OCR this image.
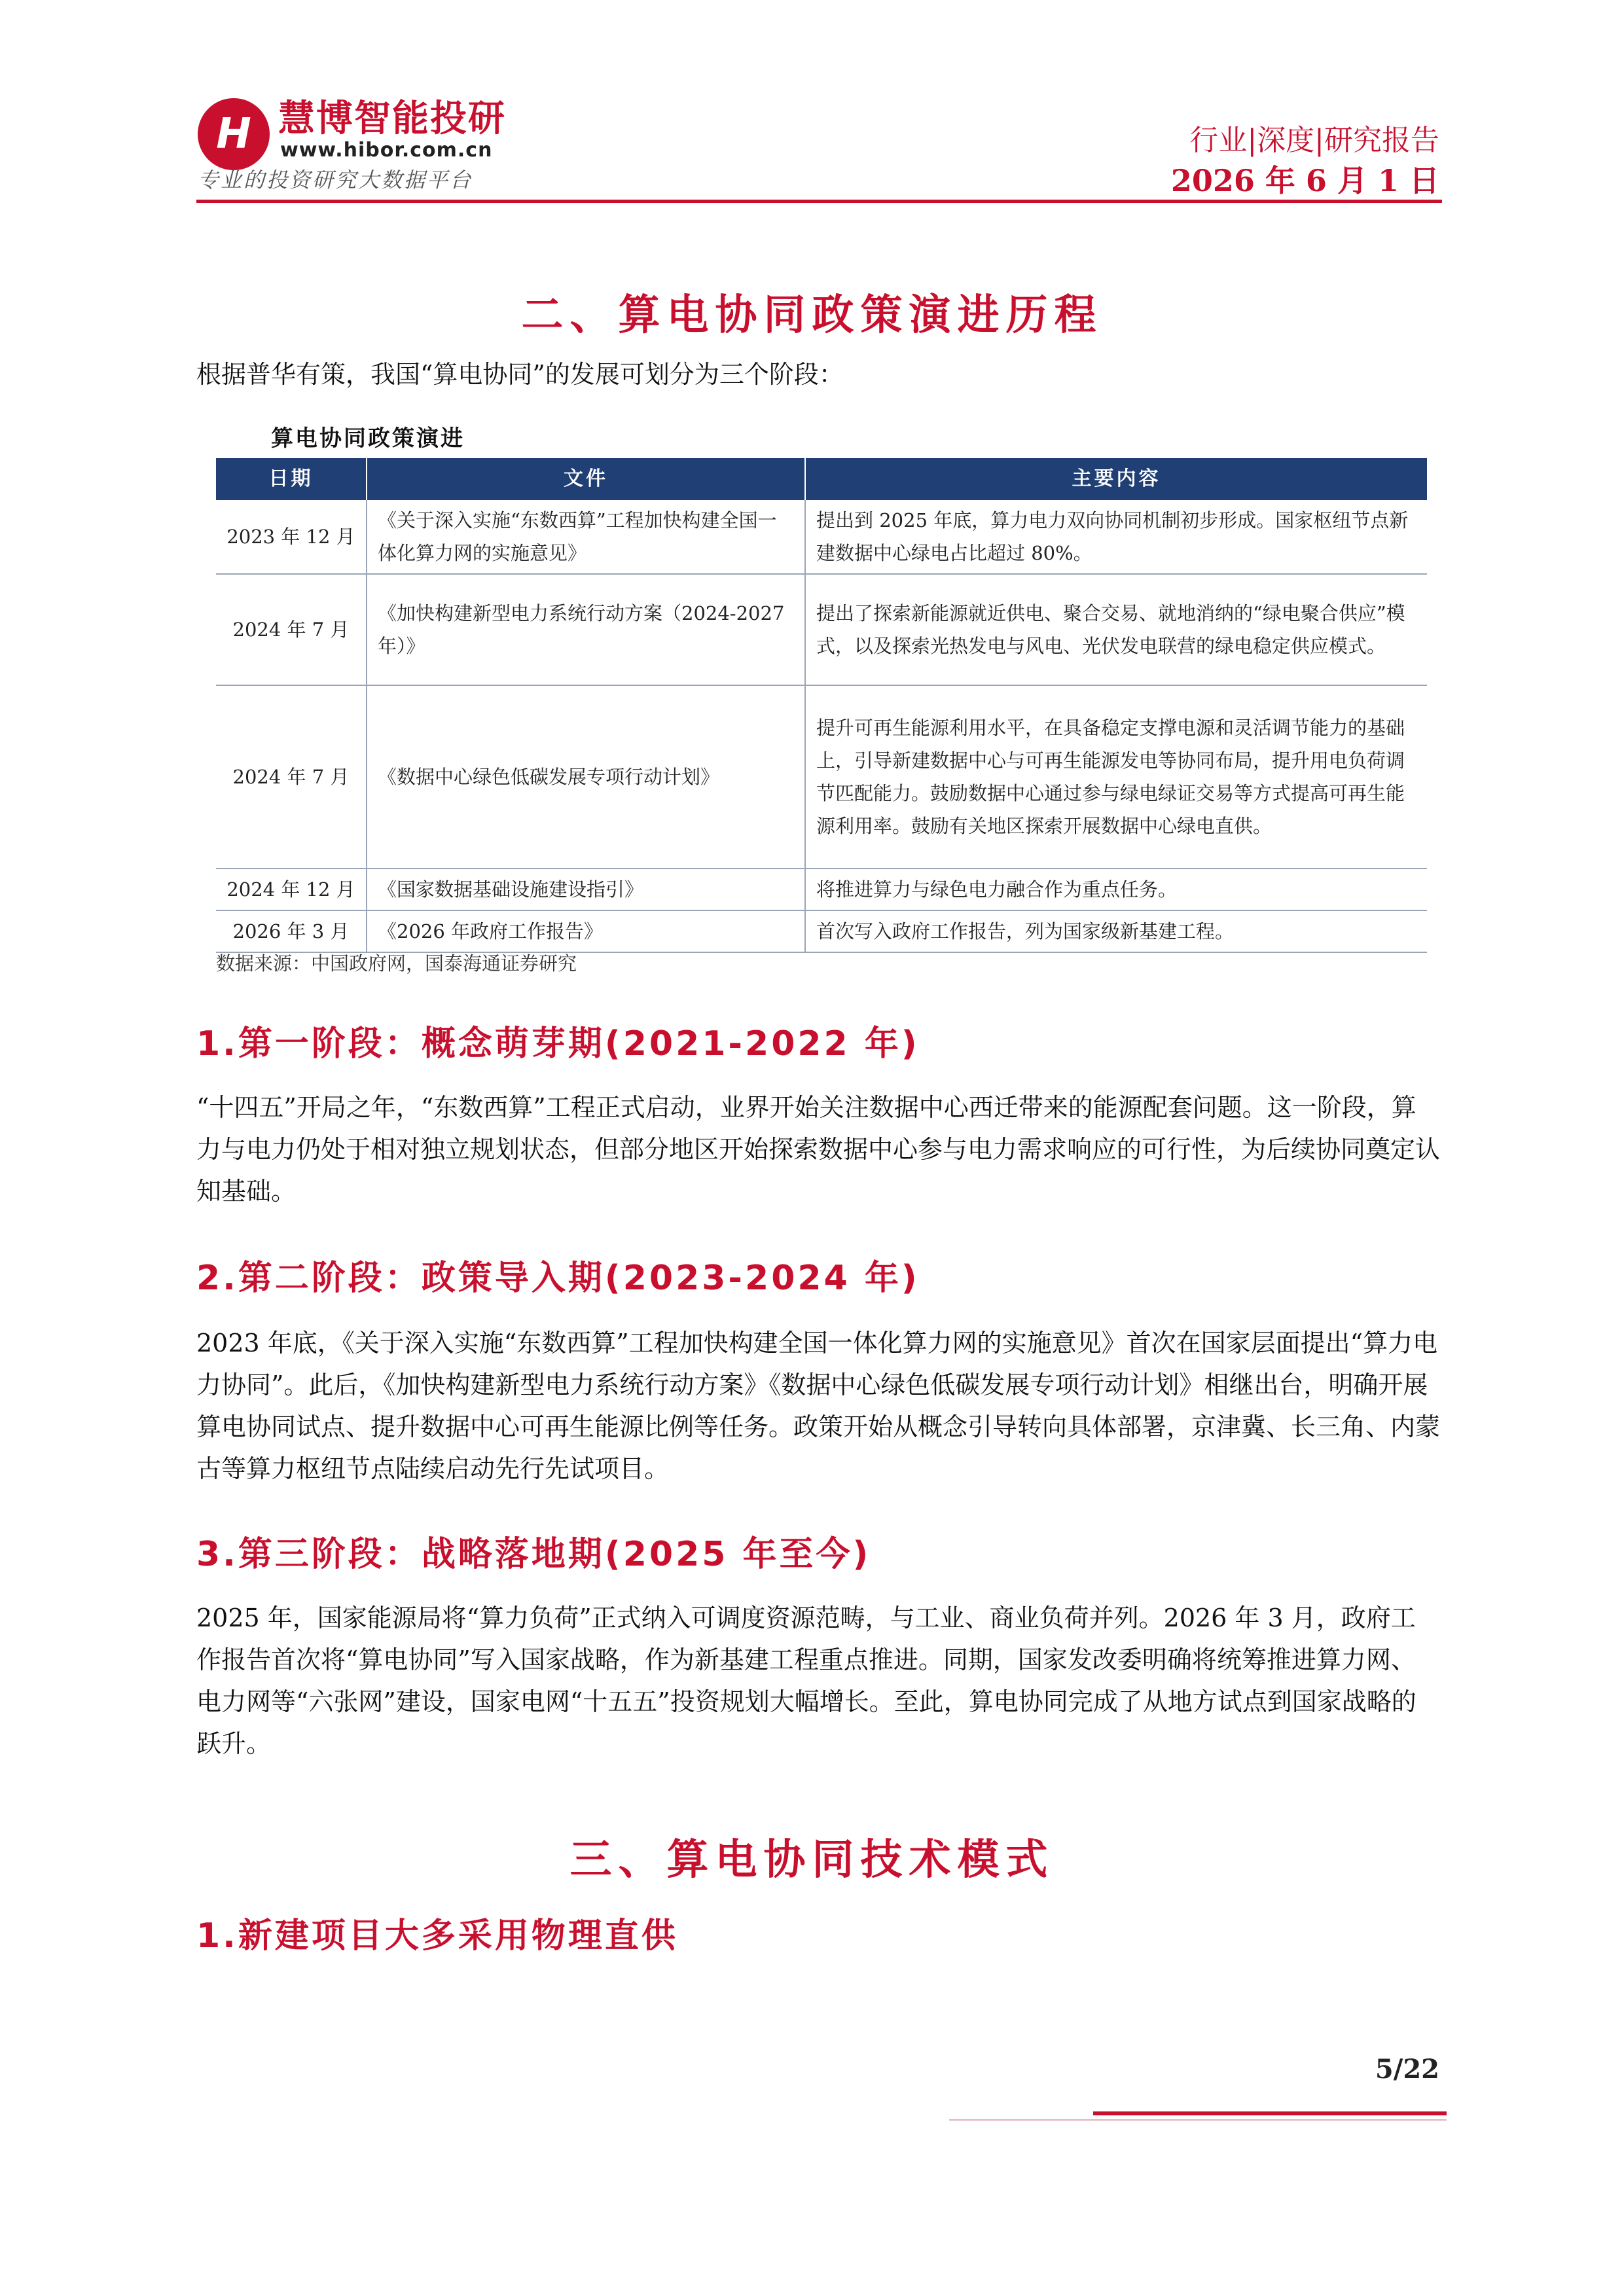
H 慧博智能投研
www.hibor.com.cn
专业的投资研究大数据平台
行业|深度|研究报告
2026 年 6 月 1 日
二、算电协同政策演进历程

根据普华有策，我国“算电协同”的发展可划分为三个阶段：

算电协同政策演进
日期	文件	主要内容
2023 年 12 月	《关于深入实施“东数西算”工程加快构建全国一体化算力网的实施意见》	提出到 2025 年底，算力电力双向协同机制初步形成。国家枢纽节点新建数据中心绿电占比超过 80%。
2024 年 7 月	《加快构建新型电力系统行动方案（2024-2027 年）》	提出了探索新能源就近供电、聚合交易、就地消纳的“绿电聚合供应”模式，以及探索光热发电与风电、光伏发电联营的绿电稳定供应模式。
2024 年 7 月	《数据中心绿色低碳发展专项行动计划》	提升可再生能源利用水平，在具备稳定支撑电源和灵活调节能力的基础上，引导新建数据中心与可再生能源发电等协同布局，提升用电负荷调节匹配能力。鼓励数据中心通过参与绿电绿证交易等方式提高可再生能源利用率。鼓励有关地区探索开展数据中心绿电直供。
2024 年 12 月	《国家数据基础设施建设指引》	将推进算力与绿色电力融合作为重点任务。
2026 年 3 月	《2026 年政府工作报告》	首次写入政府工作报告，列为国家级新基建工程。
数据来源：中国政府网，国泰海通证券研究
1.第一阶段：概念萌芽期(2021-2022 年)

“十四五”开局之年，“东数西算”工程正式启动，业界开始关注数据中心西迁带来的能源配套问题。这一阶段，算力与电力仍处于相对独立规划状态，但部分地区开始探索数据中心参与电力需求响应的可行性，为后续协同奠定认知基础。

2.第二阶段：政策导入期(2023-2024 年)

2023 年底，《关于深入实施“东数西算”工程加快构建全国一体化算力网的实施意见》首次在国家层面提出“算力电力协同”。此后，《加快构建新型电力系统行动方案》《数据中心绿色低碳发展专项行动计划》相继出台，明确开展算电协同试点、提升数据中心可再生能源比例等任务。政策开始从概念引导转向具体部署，京津冀、长三角、内蒙古等算力枢纽节点陆续启动先行先试项目。

3.第三阶段：战略落地期(2025 年至今)

2025 年，国家能源局将“算力负荷”正式纳入可调度资源范畴，与工业、商业负荷并列。2026 年 3 月，政府工作报告首次将“算电协同”写入国家战略，作为新基建工程重点推进。同期，国家发改委明确将统筹推进算力网、电力网等“六张网”建设，国家电网“十五五”投资规划大幅增长。至此，算电协同完成了从地方试点到国家战略的跃升。

三、算电协同技术模式
1.新建项目大多采用物理直供
5/22
